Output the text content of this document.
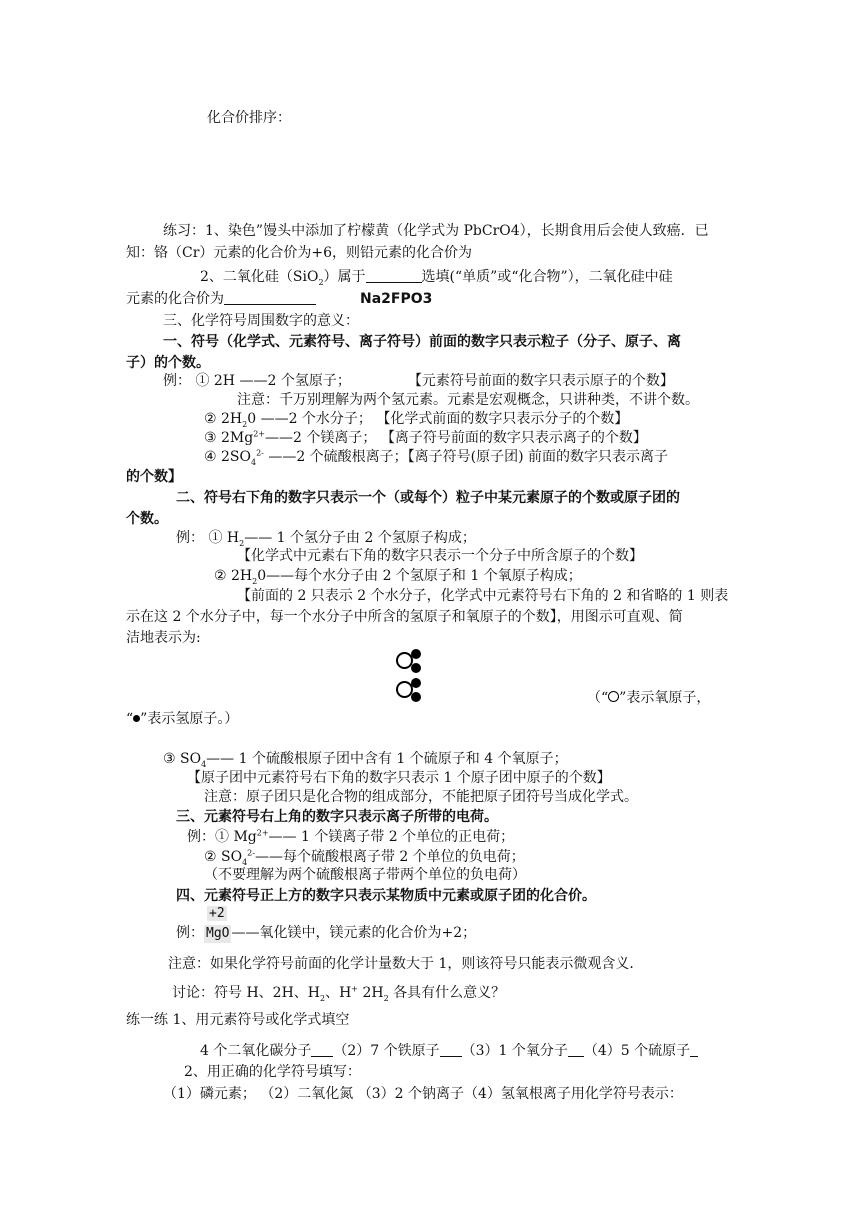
化合价排序：
练习：1、染色”馒头中添加了柠檬黄（化学式为 PbCrO4），长期食用后会使人致癌．已
知：铬（Cr）元素的化合价为+6，则铅元素的化合价为
2、二氧化硅（SiO$_2$）属于	选填(“单质”或“化合物”），二氧化硅中硅
元素的化合价为	Na2FPO3
三、化学符号周围数字的意义：
一、符号（化学式、元素符号、离子符号）前面的数字只表示粒子（分子、原子、离
子）的个数。
例： ① 2H ——2 个氢原子；	【元素符号前面的数字只表示原子的个数】
注意：千万别理解为两个氢元素。元素是宏观概念，只讲种类，不讲个数。
② $2H_20$ ——2 个水分子； 【化学式前面的数字只表示分子的个数】
③ $2Mg^{2+}——2$ 个镁离子； 【离子符号前面的数字只表示离子的个数】
④ $2SO_4^{2-}$ ——2 个硫酸根离子；【离子符号(原子团) 前面的数字只表示离子
的个数】
二、符号右下角的数字只表示一个（或每个）粒子中某元素原子的个数或原子团的
个数。
例： ① $H_2——$ 1 个氢分子由 2 个氢原子构成；
【化学式中元素右下角的数字只表示一个分子中所含原子的个数】
② $2H_20——$每个水分子由 2 个氢原子和 1 个氧原子构成；
【前面的 2 只表示 2 个水分子，化学式中元素符号右下角的 2 和省略的 1 则表
示在这 2 个水分子中，每一个水分子中所含的氢原子和氧原子的个数】，用图示可直观、简
洁地表示为:
（“ ”表示氧原子，
“ ”表示氢原子。）
③ $SO_4——$ 1 个硫酸根原子团中含有 1 个硫原子和 4 个氧原子；
【原子团中元素符号右下角的数字只表示 1 个原子团中原子的个数】
注意：原子团只是化合物的组成部分，不能把原子团符号当成化学式。
三、元素符号右上角的数字只表示离子所带的电荷。
例：① $Mg^{2+}——$ 1 个镁离子带 2 个单位的正电荷；
② $SO_4^{2-}——$每个硫酸根离子带 2 个单位的负电荷；
（不要理解为两个硫酸根离子带两个单位的负电荷）
四、元素符号正上方的数字只表示某物质中元素或原子团的化合价。
+2
例： MgO ——氧化镁中，镁元素的化合价为+2；
注意：如果化学符号前面的化学计量数大于 1，则该符号只能表示微观含义．
讨论：符号 H、2H、$H_2$、H+ $2H_2$ 各具有什么意义？
练一练 1、用元素符号或化学式填空
4 个二氧化碳分子 （2）7 个铁原子 （3）1 个氧分子 （4）5 个硫原子
2、用正确的化学符号填写：
（1）磷元素； （2）二氧化氮 （3）2 个钠离子（4）氢氧根离子用化学符号表示：
